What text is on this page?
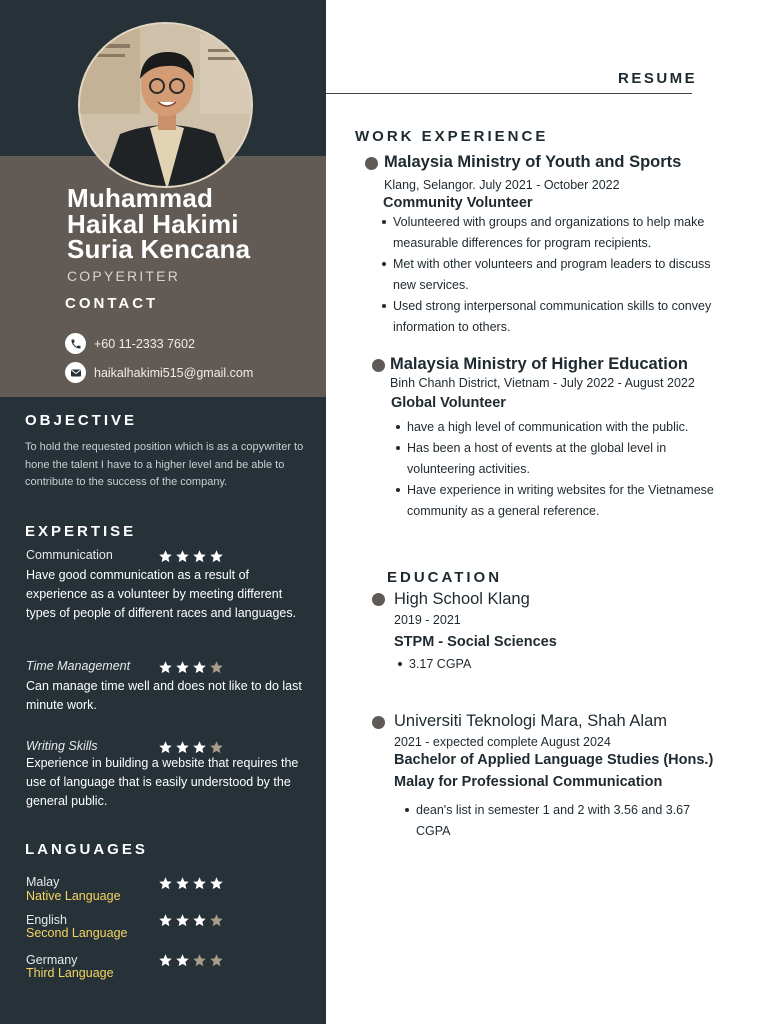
Muhammad
Haikal Hakimi
Suria Kencana
COPYERITER
CONTACT
+60 11-2333 7602
haikalhakimi515@gmail.com
OBJECTIVE
To hold the requested position which is as a copywriter to hone the talent I have to a higher level and be able to contribute to the success of the company.
EXPERTISE
Communication
Have good communication as a result of experience as a volunteer by meeting different types of people of different races and languages.
Time Management
Can manage time well and does not like to do last minute work.
Writing Skills
Experience in building a website that requires the use of language that is easily understood by the general public.
LANGUAGES
Malay
Native Language
English
Second Language
Germany
Third Language
RESUME
WORK EXPERIENCE
Malaysia Ministry of Youth and Sports
Klang, Selangor. July 2021 - October 2022
Community Volunteer
Volunteered with groups and organizations to help make measurable differences for program recipients.
Met with other volunteers and program leaders to discuss new services.
Used strong interpersonal communication skills to convey information to others.
Malaysia Ministry of Higher Education
Binh Chanh District, Vietnam - July 2022 - August 2022
Global Volunteer
have a high level of communication with the public.
Has been a host of events at the global level in volunteering activities.
Have experience in writing websites for the Vietnamese community as a general reference.
EDUCATION
High School Klang
2019 - 2021
STPM - Social Sciences
3.17 CGPA
Universiti Teknologi Mara, Shah Alam
2021 - expected complete August 2024
Bachelor of Applied Language Studies (Hons.)
Malay for Professional Communication
dean's list in semester 1 and 2 with 3.56 and 3.67 CGPA
